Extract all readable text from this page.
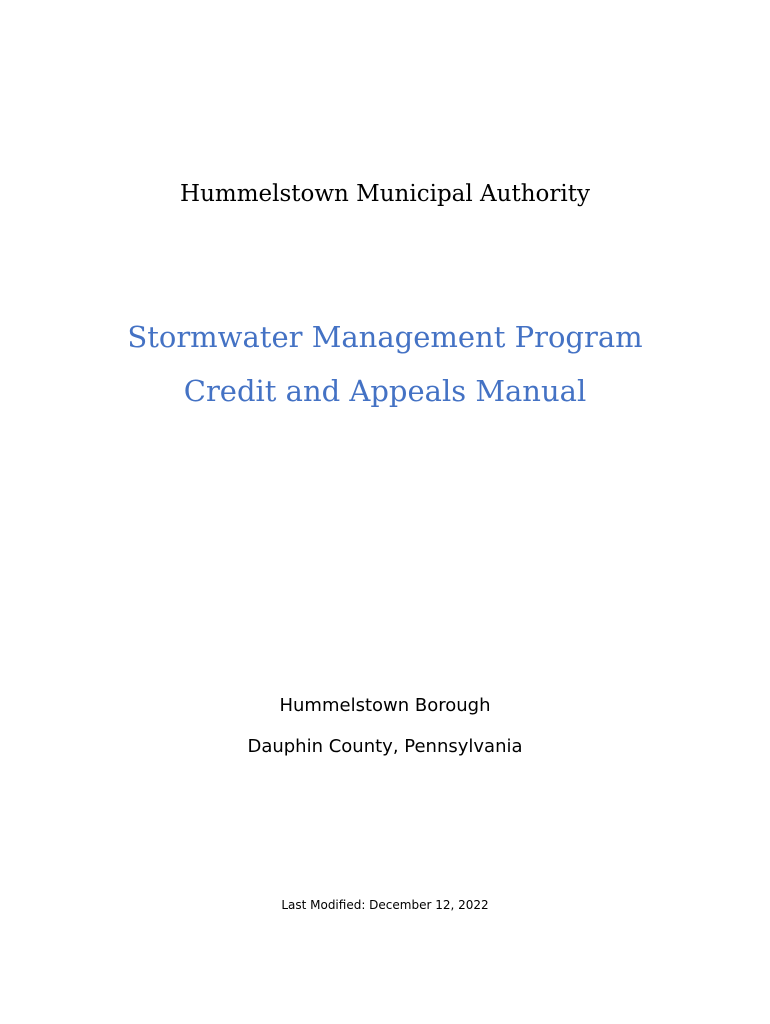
Hummelstown Municipal Authority
Stormwater Management Program
Credit and Appeals Manual
Hummelstown Borough
Dauphin County, Pennsylvania
Last Modified: December 12, 2022
